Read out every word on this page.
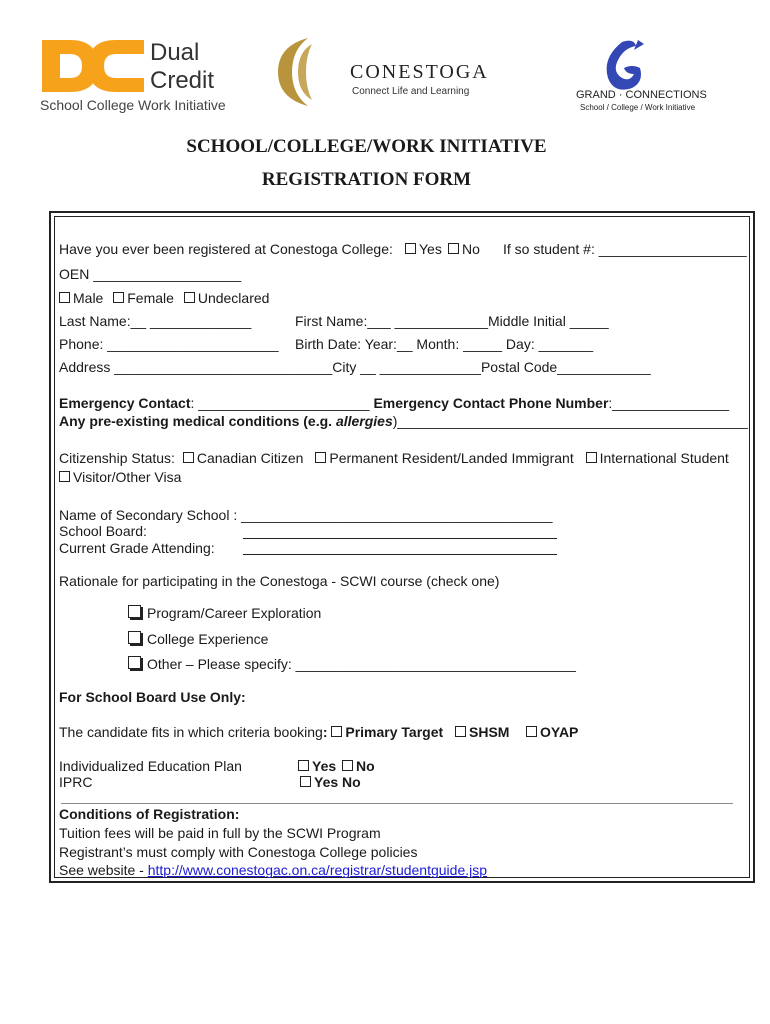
Dual
Credit
School College Work Initiative
CONESTOGA
Connect Life and Learning	GRAND · CONNECTIONS
School / College / Work Initiative
SCHOOL/COLLEGE/WORK INITIATIVE
REGISTRATION FORM
Have you ever been registered at Conestoga College:	Yes	No If so student #: ___________________
OEN ___________________
Male Female Undeclared
Last Name:__ _____________	First Name:___ ____________Middle Initial _____
Phone: ______________________ Birth Date: Year:__ Month: _____ Day: _______
Address ____________________________City __ _____________Postal Code____________
Emergency Contact: ______________________ Emergency Contact Phone Number:_______________
Any pre-existing medical conditions (e.g. allergies)_____________________________________________
Citizenship Status: Canadian Citizen Permanent Resident/Landed Immigrant International Student
Visitor/Other Visa
Name of Secondary School : ________________________________________
School Board:
Current Grade Attending:
Rationale for participating in the Conestoga - SCWI course (check one)
Program/Career Exploration
College Experience
Other – Please specify: ____________________________________
For School Board Use Only:
The candidate fits in which criteria booking: Primary Target	SHSM	OYAP
Individualized Education Plan	Yes No
IPRC	Yes No
Conditions of Registration:
Tuition fees will be paid in full by the SCWI Program
Registrant’s must comply with Conestoga College policies
See website - http://www.conestogac.on.ca/registrar/studentguide.jsp
